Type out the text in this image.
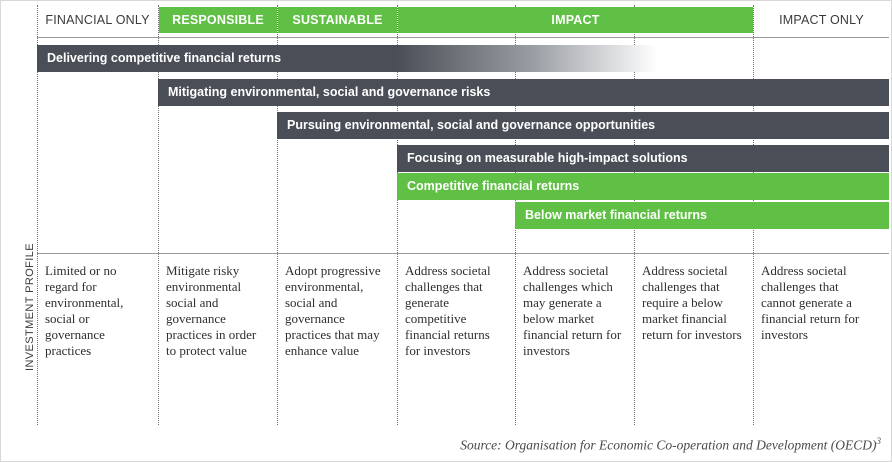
FINANCIAL ONLY	RESPONSIBLE	SUSTAINABLE	IMPACT	IMPACT ONLY
Delivering competitive financial returns
Mitigating environmental, social and governance risks
Pursuing environmental, social and governance opportunities
Focusing on measurable high-impact solutions
Competitive financial returns
Below market financial returns
Limited or no regard for environmental, social or governance practices
Mitigate risky environmental social and governance practices in order to protect value
Adopt progressive environmental, social and governance practices that may enhance value
Address societal challenges that generate competitive financial returns for investors
Address societal challenges which may generate a below market financial return for investors
Address societal challenges that require a below market financial return for investors
Address societal challenges that cannot generate a financial return for investors
INVESTMENT PROFILE
Source: Organisation for Economic Co-operation and Development (OECD)$^3$
